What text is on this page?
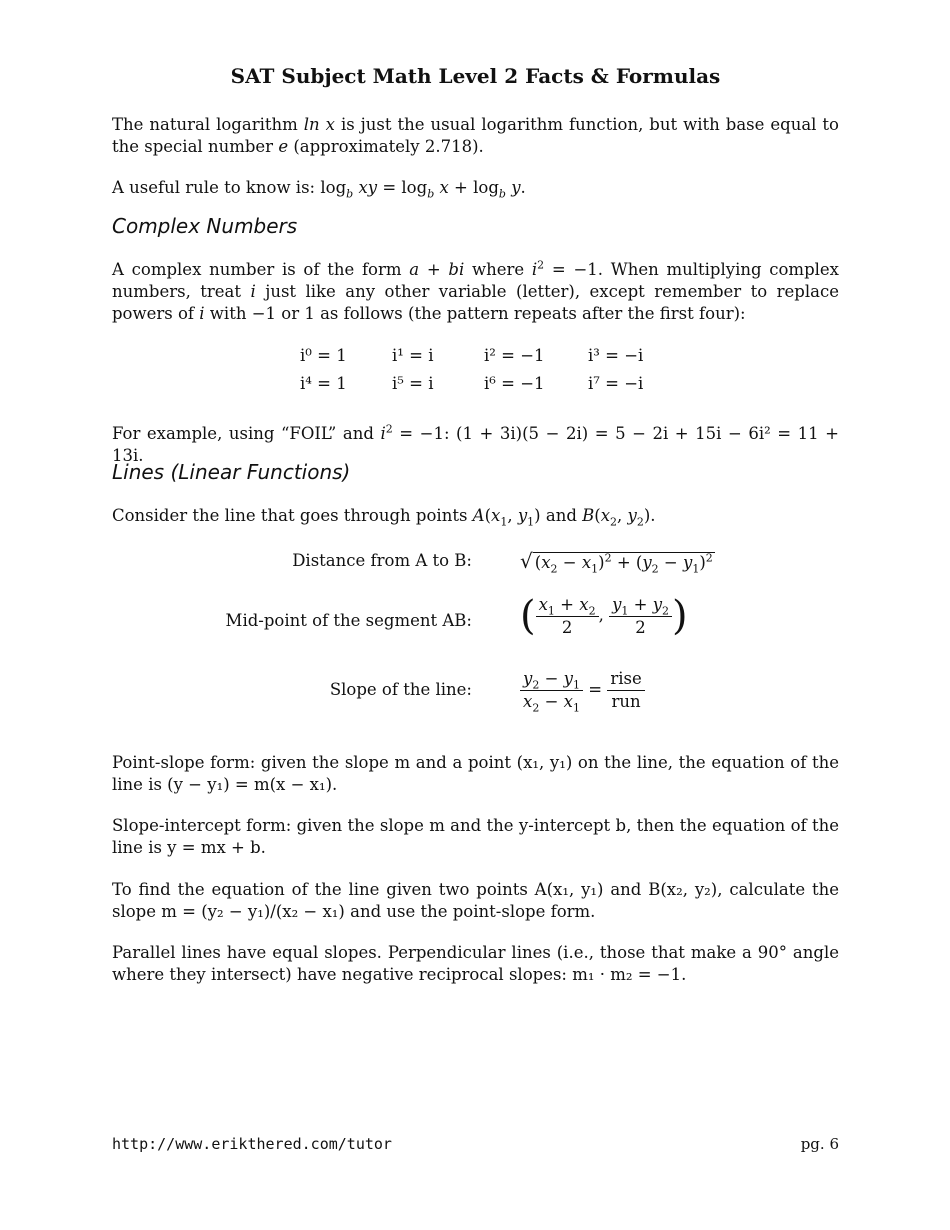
SAT Subject Math Level 2 Facts & Formulas
The natural logarithm ln x is just the usual logarithm function, but with base equal to the special number e (approximately 2.718).
A useful rule to know is: $\log_b$ xy = $\log_b x + \log_b y$.
Complex Numbers
A complex number is of the form a + bi where $i^2 = -1$. When multiplying complex numbers, treat i just like any other variable (letter), except remember to replace powers of i with −1 or 1 as follows (the pattern repeats after the first four):
i⁰ = 1	i¹ = i	i² = −1	i³ = −i
i⁴ = 1	i⁵ = i	i⁶ = −1	i⁷ = −i
For example, using “FOIL” and $i^2 = -1$: (1 + 3i)(5 − 2i) = 5 − 2i + 15i − 6i² = 11 + 13i.
Lines (Linear Functions)
Consider the line that goes through points $A(x_1$, $y_1$) and $B(x_2$, $y_2$).
Distance from A to B: √ $(x_2 - x_1)^2 + (y_2 - y_1)^2$
Mid-point of the segment AB: ( $\frac{x_1 + x_2}{2}$ , $\frac{y_1 + y_2}{2}$ )
Slope of the line:	$\frac{y_2 - y_1}{x_2 - x_1} = \frac{\text{rise}}{\text{run}}$
Point-slope form: given the slope m and a point (x₁, y₁) on the line, the equation of the line is (y − y₁) = m(x − x₁).
Slope-intercept form: given the slope m and the y-intercept b, then the equation of the line is y = mx + b.
To find the equation of the line given two points A(x₁, y₁) and B(x₂, y₂), calculate the slope m = (y₂ − y₁)/(x₂ − x₁) and use the point-slope form.
Parallel lines have equal slopes. Perpendicular lines (i.e., those that make a 90° angle where they intersect) have negative reciprocal slopes: m₁ · m₂ = −1.
http://www.erikthered.com/tutor	pg. 6
